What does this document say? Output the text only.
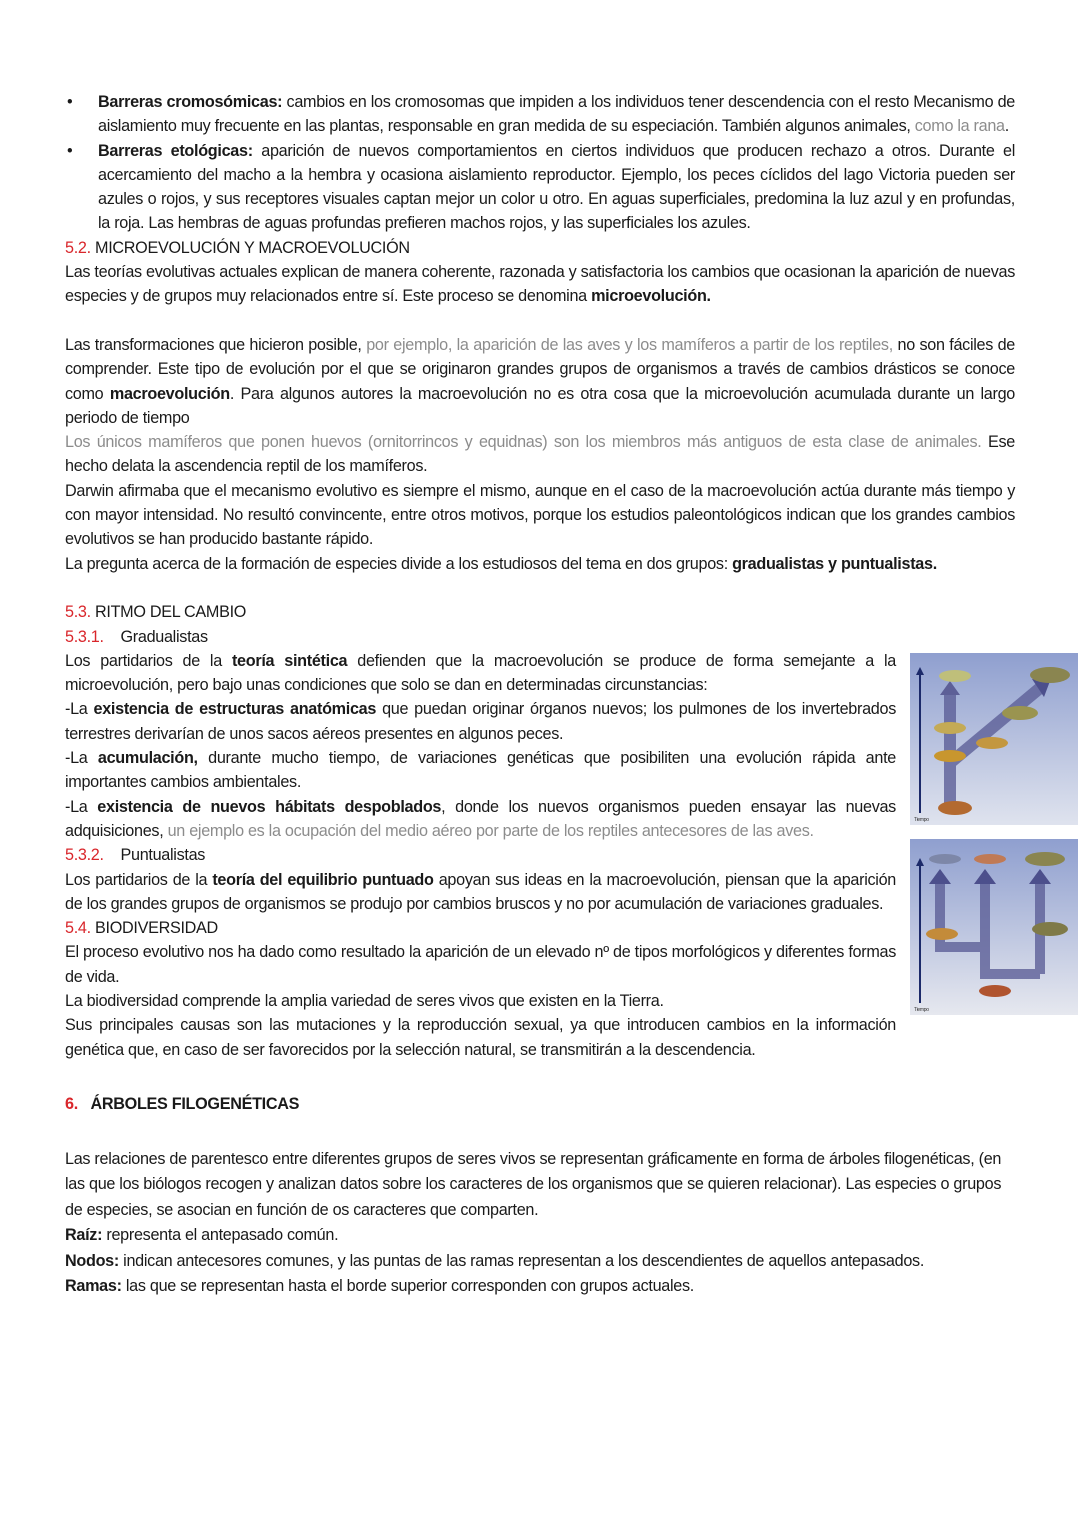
• Barreras cromosómicas: cambios en los cromosomas que impiden a los individuos tener descendencia con el resto Mecanismo de aislamiento muy frecuente en las plantas, responsable en gran medida de su especiación. También algunos animales, como la rana.
• Barreras etológicas: aparición de nuevos comportamientos en ciertos individuos que producen rechazo a otros. Durante el acercamiento del macho a la hembra y ocasiona aislamiento reproductor. Ejemplo, los peces cíclidos del lago Victoria pueden ser azules o rojos, y sus receptores visuales captan mejor un color u otro. En aguas superficiales, predomina la luz azul y en profundas, la roja. Las hembras de aguas profundas prefieren machos rojos, y las superficiales los azules.
5.2. MICROEVOLUCIÓN Y MACROEVOLUCIÓN
Las teorías evolutivas actuales explican de manera coherente, razonada y satisfactoria los cambios que ocasionan la aparición de nuevas especies y de grupos muy relacionados entre sí. Este proceso se denomina microevolución.
Las transformaciones que hicieron posible, por ejemplo, la aparición de las aves y los mamíferos a partir de los reptiles, no son fáciles de comprender. Este tipo de evolución por el que se originaron grandes grupos de organismos a través de cambios drásticos se conoce como macroevolución. Para algunos autores la macroevolución no es otra cosa que la microevolución acumulada durante un largo periodo de tiempo
Los únicos mamíferos que ponen huevos (ornitorrincos y equidnas) son los miembros más antiguos de esta clase de animales. Ese hecho delata la ascendencia reptil de los mamíferos.
Darwin afirmaba que el mecanismo evolutivo es siempre el mismo, aunque en el caso de la macroevolución actúa durante más tiempo y con mayor intensidad. No resultó convincente, entre otros motivos, porque los estudios paleontológicos indican que los grandes cambios evolutivos se han producido bastante rápido.
La pregunta acerca de la formación de especies divide a los estudiosos del tema en dos grupos: gradualistas y puntualistas.
5.3. RITMO DEL CAMBIO
5.3.1.    Gradualistas
Tiempo
Tiempo
Los partidarios de la teoría sintética defienden que la macroevolución se produce de forma semejante a la microevolución, pero bajo unas condiciones que solo se dan en determinadas circunstancias:
-La existencia de estructuras anatómicas que puedan originar órganos nuevos; los pulmones de los invertebrados terrestres derivarían de unos sacos aéreos presentes en algunos peces.
-La acumulación, durante mucho tiempo, de variaciones genéticas que posibiliten una evolución rápida ante importantes cambios ambientales.
-La existencia de nuevos hábitats despoblados, donde los nuevos organismos pueden ensayar las nuevas adquisiciones, un ejemplo es la ocupación del medio aéreo por parte de los reptiles antecesores de las aves.
5.3.2.    Puntualistas
Los partidarios de la teoría del equilibrio puntuado apoyan sus ideas en la macroevolución, piensan que la aparición de los grandes grupos de organismos se produjo por cambios bruscos y no por acumulación de variaciones graduales.
5.4. BIODIVERSIDAD
El proceso evolutivo nos ha dado como resultado la aparición de un elevado nº de tipos morfológicos y diferentes formas de vida.
La biodiversidad comprende la amplia variedad de seres vivos que existen en la Tierra.
Sus principales causas son las mutaciones y la reproducción sexual, ya que introducen cambios en la información genética que, en caso de ser favorecidos por la selección natural, se transmitirán a la descendencia.
6.   ÁRBOLES FILOGENÉTICAS
Las relaciones de parentesco entre diferentes grupos de seres vivos se representan gráficamente en forma de árboles filogenéticas, (en las que los biólogos recogen y analizan datos sobre los caracteres de los organismos que se quieren relacionar). Las especies o grupos de especies, se asocian en función de os caracteres que comparten.
Raíz: representa el antepasado común.
Nodos: indican antecesores comunes, y las puntas de las ramas representan a los descendientes de aquellos antepasados.
Ramas: las que se representan hasta el borde superior corresponden con grupos actuales.
